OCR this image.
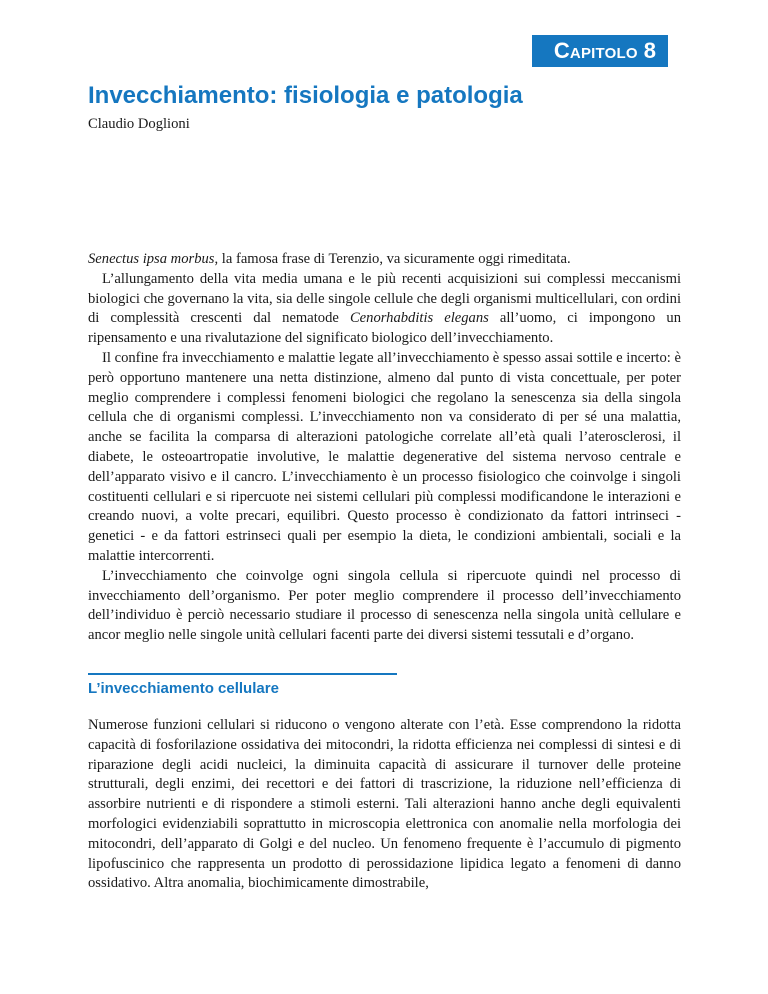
Capitolo 8
Invecchiamento: fisiologia e patologia

Claudio Doglioni

Senectus ipsa morbus, la famosa frase di Terenzio, va sicuramente oggi rimeditata.

L’allungamento della vita media umana e le più recenti acquisizioni sui complessi meccanismi biologici che governano la vita, sia delle singole cellule che degli organismi multicellulari, con ordini di complessità crescenti dal nematode Cenorhabditis elegans all’uomo, ci impongono un ripensamento e una rivalutazione del significato biologico dell’invecchiamento.

Il confine fra invecchiamento e malattie legate all’invecchiamento è spesso assai sottile e incerto: è però opportuno mantenere una netta distinzione, almeno dal punto di vista concettuale, per poter meglio comprendere i complessi fenomeni biologici che regolano la senescenza sia della singola cellula che di organismi complessi. L’invecchiamento non va considerato di per sé una malattia, anche se facilita la comparsa di alterazioni patologiche correlate all’età quali l’aterosclerosi, il diabete, le osteoartropatie involutive, le malattie degenerative del sistema nervoso centrale e dell’apparato visivo e il cancro. L’invecchiamento è un processo fisiologico che coinvolge i singoli costituenti cellulari e si ripercuote nei sistemi cellulari più complessi modificandone le interazioni e creando nuovi, a volte precari, equilibri. Questo processo è condizionato da fattori intrinseci - genetici - e da fattori estrinseci quali per esempio la dieta, le condizioni ambientali, sociali e la malattie intercorrenti.

L’invecchiamento che coinvolge ogni singola cellula si ripercuote quindi nel processo di invecchiamento dell’organismo. Per poter meglio comprendere il processo dell’invecchiamento dell’individuo è perciò necessario studiare il processo di senescenza nella singola unità cellulare e ancor meglio nelle singole unità cellulari facenti parte dei diversi sistemi tessutali e d’organo.

L’invecchiamento cellulare

Numerose funzioni cellulari si riducono o vengono alterate con l’età. Esse comprendono la ridotta capacità di fosforilazione ossidativa dei mitocondri, la ridotta efficienza nei complessi di sintesi e di riparazione degli acidi nucleici, la diminuita capacità di assicurare il turnover delle proteine strutturali, degli enzimi, dei recettori e dei fattori di trascrizione, la riduzione nell’efficienza di assorbire nutrienti e di rispondere a stimoli esterni. Tali alterazioni hanno anche degli equivalenti morfologici evidenziabili soprattutto in microscopia elettronica con anomalie nella morfologia dei mitocondri, dell’apparato di Golgi e del nucleo. Un fenomeno frequente è l’accumulo di pigmento lipofuscinico che rappresenta un prodotto di perossidazione lipidica legato a fenomeni di danno ossidativo. Altra anomalia, biochimicamente dimostrabile,
